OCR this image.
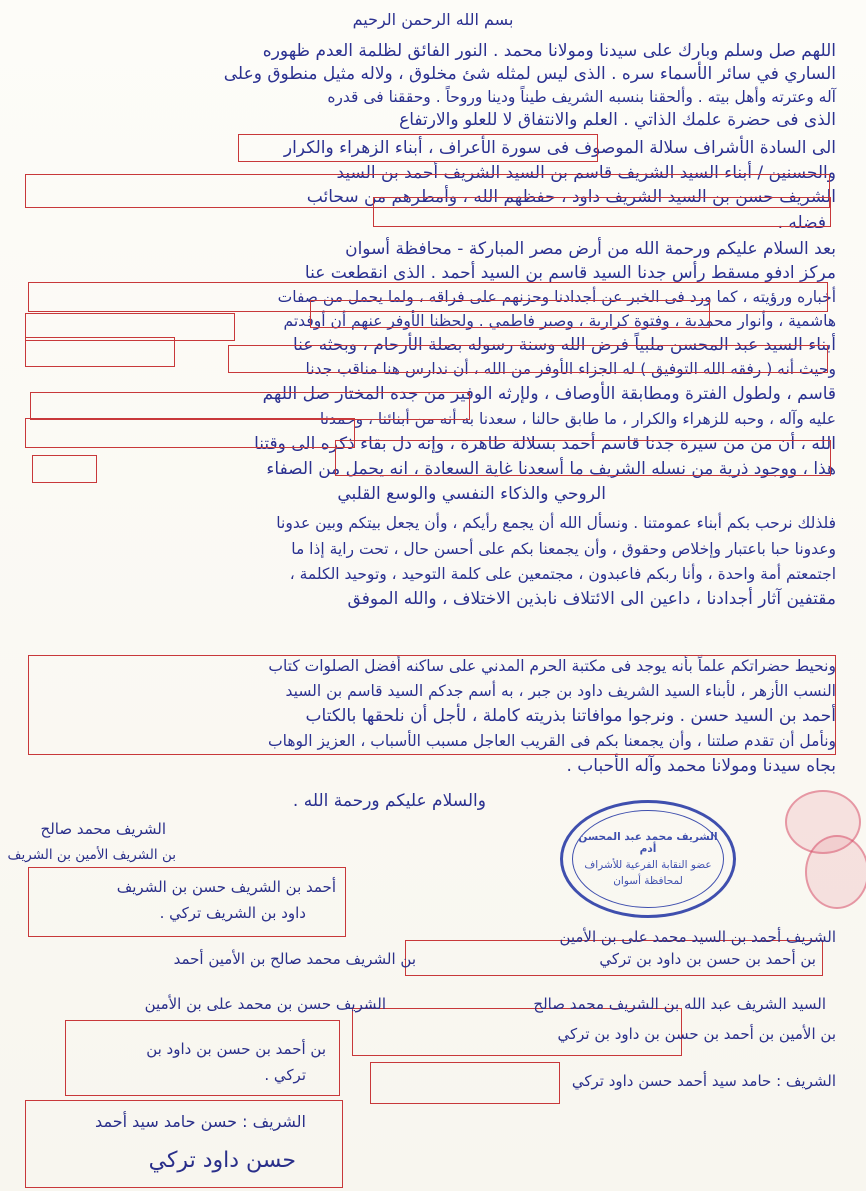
بسم الله الرحمن الرحيم
اللهم صل وسلم وبارك على سيدنا ومولانا محمد . النور الفائق لظلمة العدم ظهوره
الساري في سائر الأسماء سره . الذى ليس لمثله شئ مخلوق ، ولاله مثيل منطوق وعلى
آله وعترته وأهل بيته . وألحقنا بنسبه الشريف طيناً ودينا وروحاً . وحققنا فى قدره
الذى فى حضرة علمك الذاتي . العلم والانتفاق لا للعلو والارتفاع
الى السادة الأشراف سلالة الموصوف فى سورة الأعراف ، أبناء الزهراء والكرار
والحسنين / أبناء السيد الشريف قاسم بن السيد الشريف أحمد بن السيد
الشريف حسن بن السيد الشريف داود ، حفظهم الله ، وأمطرهم من سحائب
فضله .
بعد السلام عليكم ورحمة الله من أرض مصر المباركة - محافظة أسوان
مركز ادفو مسقط رأس جدنا السيد قاسم بن السيد أحمد . الذى انقطعت عنا
أخباره ورؤيته ، كما ورد فى الخبر عن أجدادنا وحزنهم على فراقه ، ولما يحمل من صفات
هاشمية ، وأنوار محمدية ، وفتوة كرارية ، وصبر فاطمي . ولحظنا الأوفر عنهم أن أوفدتم
أبناء السيد عبد المحسن ملبياً فرض الله وسنة رسوله بصلة الأرحام ، وبحثه عنا
وحيث أنه ( رفقه الله التوفيق ) له الجزاء الأوفر من الله ، أن ندارس هنا مناقب جدنا
قاسم ، ولطول الفترة ومطابقة الأوصاف ، ولإرثه الوفير من جده المختار صل اللهم
عليه وآله ، وحبه للزهراء والكرار ، ما طابق حالنا ، سعدنا به أنه من أبنائنا ، وحمدنا
الله ، أن من من سيرة جدنا قاسم أحمد بسلالة طاهرة ، وإنه دل بقاء ذكره الى وقتنا
هذا ، ووجود ذرية من نسله الشريف ما أسعدنا غاية السعادة ، انه يحمل من الصفاء
الروحي والذكاء النفسي والوسع القلبي
فلذلك نرحب بكم أبناء عمومتنا . ونسأل الله أن يجمع رأيكم ، وأن يجعل بيتكم وبين عدونا
وعدونا حبا باعتبار وإخلاص وحقوق ، وأن يجمعنا بكم على أحسن حال ، تحت راية إذا ما
اجتمعتم أمة واحدة ، وأنا ربكم فاعبدون ، مجتمعين على كلمة التوحيد ، وتوحيد الكلمة ،
مقتفين آثار أجدادنا ، داعين الى الائتلاف نابذين الاختلاف ، والله الموفق
ونحيط حضراتكم علماً بأنه يوجد فى مكتبة الحرم المدني على ساكنه أفضل الصلوات كتاب
النسب الأزهر ، لأبناء السيد الشريف داود بن جبر ، به أسم جدكم السيد قاسم بن السيد
أحمد بن السيد حسن . ونرجوا موافاتنا بذريته كاملة ، لأجل أن نلحقها بالكتاب
ونأمل أن تقدم صلتنا ، وأن يجمعنا بكم فى القريب العاجل مسبب الأسباب ، العزيز الوهاب
بجاه سيدنا ومولانا محمد وآله الأحباب .
والسلام عليكم ورحمة الله .
الشريف محمد صالح
بن الشريف الأمين بن الشريف
أحمد بن الشريف حسن بن الشريف
داود بن الشريف تركي .
الشريف محمد عبد المحسن أدم
عضو النقابة الفرعية للأشراف
لمحافظة أسوان
الشريف أحمد بن السيد محمد على بن الأمين
بن أحمد بن حسن بن داود بن تركي
السيد الشريف عبد الله بن الشريف محمد صالح
بن الأمين بن أحمد بن حسن بن داود بن تركي
الشريف : حامد سيد أحمد حسن داود تركي
بن الشريف محمد صالح بن الأمين أحمد
الشريف حسن بن محمد على بن الأمين
بن أحمد بن حسن بن داود بن
تركي .
الشريف : حسن حامد سيد أحمد
حسن داود تركي
